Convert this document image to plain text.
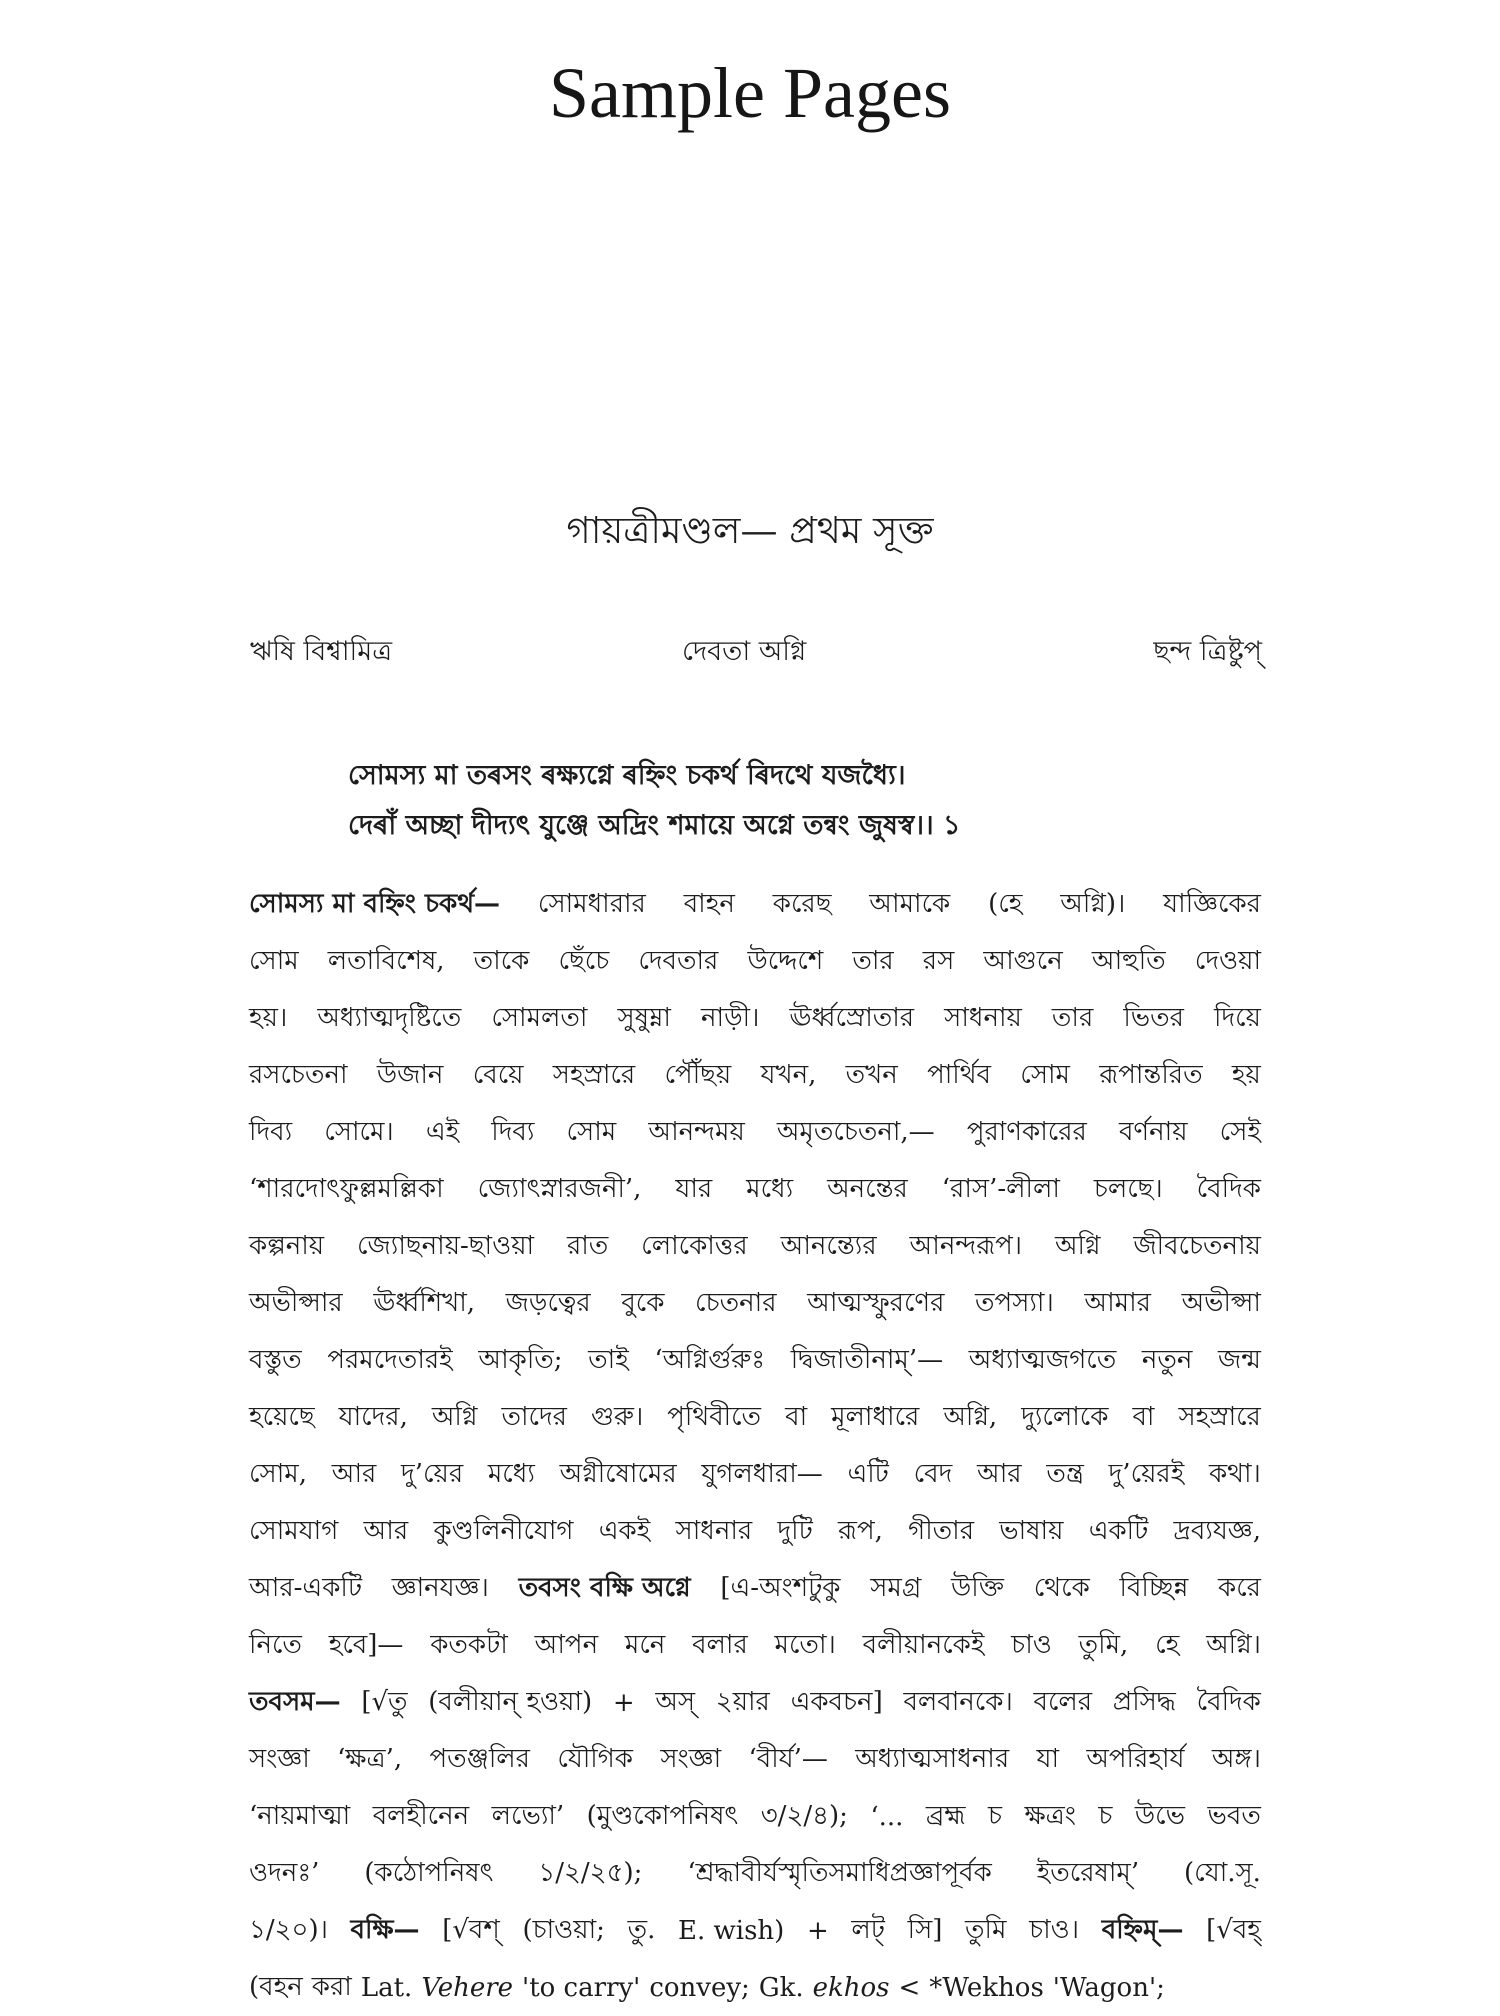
Sample Pages
গায়ত্রীমণ্ডল— প্রথম সূক্ত
ঋষি বিশ্বামিত্র	দেবতা অগ্নি	ছন্দ ত্রিষ্টুপ্
সোমস্য মা তৰসং ৰক্ষ্যগ্নে ৰহ্নিং চকৰ্থ ৰিদথে যজধ্যৈ।
দেৰাঁ অচ্ছা দীদ্যৎ যুঞ্জে অদ্রিং শমায়ে অগ্নে তন্বং জুষস্ব।। ১
সোমস্য মা বহ্নিং চকর্থ— সোমধারার বাহন করেছ আমাকে (হে অগ্নি)। যাজ্ঞিকের
সোম লতাবিশেষ, তাকে ছেঁচে দেবতার উদ্দেশে তার রস আগুনে আহুতি দেওয়া
হয়। অধ্যাত্মদৃষ্টিতে সোমলতা সুষুম্না নাড়ী। ঊর্ধ্বস্রোতার সাধনায় তার ভিতর দিয়ে
রসচেতনা উজান বেয়ে সহস্রারে পৌঁছয় যখন, তখন পার্থিব সোম রূপান্তরিত হয়
দিব্য সোমে। এই দিব্য সোম আনন্দময় অমৃতচেতনা,— পুরাণকারের বর্ণনায় সেই
‘শারদোৎফুল্লমল্লিকা জ্যোৎস্নারজনী’, যার মধ্যে অনন্তের ‘রাস’-লীলা চলছে। বৈদিক
কল্পনায় জ্যোছনায়-ছাওয়া রাত লোকোত্তর আনন্ত্যের আনন্দরূপ। অগ্নি জীবচেতনায়
অভীপ্সার ঊর্ধ্বশিখা, জড়ত্বের বুকে চেতনার আত্মস্ফুরণের তপস্যা। আমার অভীপ্সা
বস্তুত পরমদেতারই আকৃতি; তাই ‘অগ্নির্গুরুঃ দ্বিজাতীনাম্’— অধ্যাত্মজগতে নতুন জন্ম
হয়েছে যাদের, অগ্নি তাদের গুরু। পৃথিবীতে বা মূলাধারে অগ্নি, দ্যুলোকে বা সহস্রারে
সোম, আর দু’য়ের মধ্যে অগ্নীষোমের যুগলধারা— এটি বেদ আর তন্ত্র দু’য়েরই কথা।
সোমযাগ আর কুণ্ডলিনীযোগ একই সাধনার দুটি রূপ, গীতার ভাষায় একটি দ্রব্যযজ্ঞ,
আর-একটি জ্ঞানযজ্ঞ। তবসং বক্ষি অগ্নে [এ-অংশটুকু সমগ্র উক্তি থেকে বিচ্ছিন্ন করে
নিতে হবে]— কতকটা আপন মনে বলার মতো। বলীয়ানকেই চাও তুমি, হে অগ্নি।
তবসম— [√তু (বলীয়ান্ হওয়া) + অস্ ২য়ার একবচন] বলবানকে। বলের প্রসিদ্ধ বৈদিক
সংজ্ঞা ‘ক্ষত্র’, পতঞ্জলির যৌগিক সংজ্ঞা ‘বীর্য’— অধ্যাত্মসাধনার যা অপরিহার্য অঙ্গ।
‘নায়মাত্মা বলহীনেন লভ্যো’ (মুণ্ডকোপনিষৎ ৩/২/৪); ‘... ব্রহ্ম চ ক্ষত্রং চ উভে ভবত
ওদনঃ’ (কঠোপনিষৎ ১/২/২৫); ‘শ্রদ্ধাবীর্যস্মৃতিসমাধিপ্রজ্ঞাপূর্বক ইতরেষাম্’ (যো.সূ.
১/২০)। বক্ষি— [√বশ্ (চাওয়া; তু. E. wish) + লট্ সি] তুমি চাও। বহ্নিম্— [√বহ্
(বহন করা Lat. Vehere 'to carry' convey; Gk. ekhos < *Wekhos 'Wagon';
